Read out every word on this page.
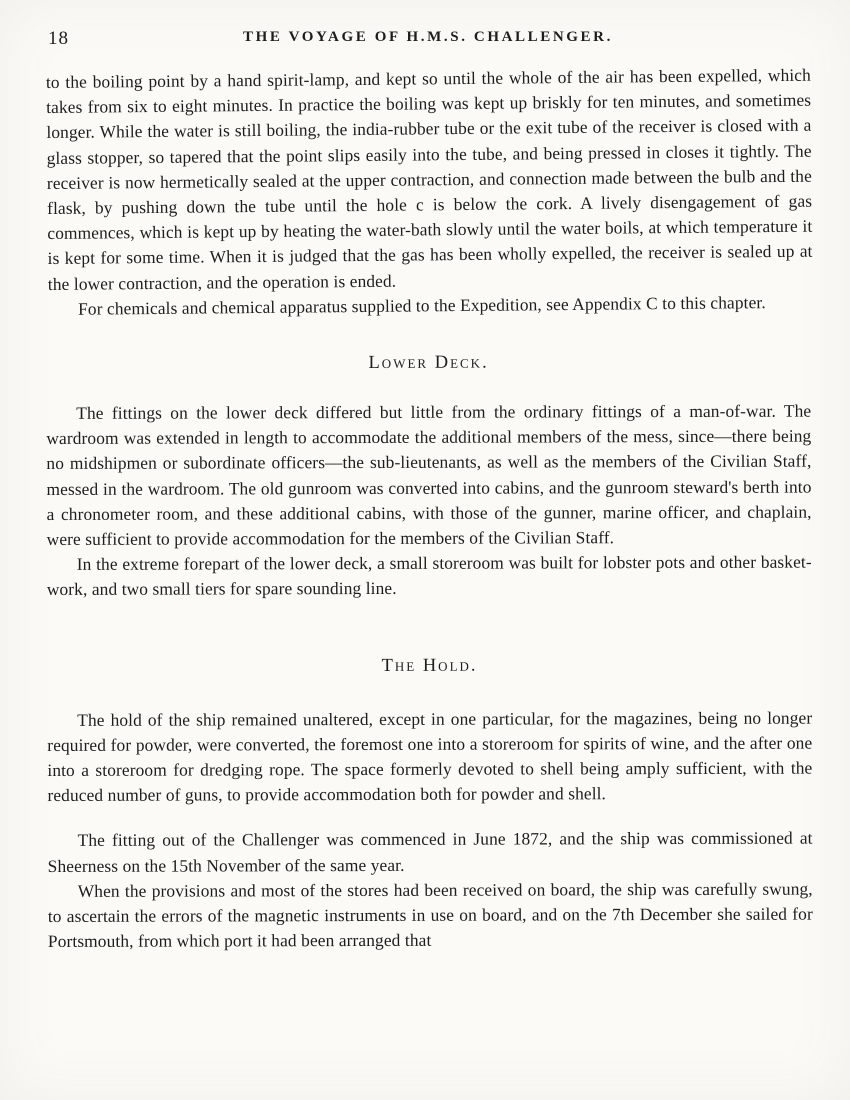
18	THE VOYAGE OF H.M.S. CHALLENGER.

to the boiling point by a hand spirit-lamp, and kept so until the whole of the air has been expelled, which takes from six to eight minutes. In practice the boiling was kept up briskly for ten minutes, and sometimes longer. While the water is still boiling, the india-rubber tube or the exit tube of the receiver is closed with a glass stopper, so tapered that the point slips easily into the tube, and being pressed in closes it tightly. The receiver is now hermetically sealed at the upper contraction, and connection made between the bulb and the flask, by pushing down the tube until the hole c is below the cork. A lively disengagement of gas commences, which is kept up by heating the water-bath slowly until the water boils, at which temperature it is kept for some time. When it is judged that the gas has been wholly expelled, the receiver is sealed up at the lower contraction, and the operation is ended.

For chemicals and chemical apparatus supplied to the Expedition, see Appendix C to this chapter.

Lower Deck.

The fittings on the lower deck differed but little from the ordinary fittings of a man-of-war. The wardroom was extended in length to accommodate the additional members of the mess, since—there being no midshipmen or subordinate officers—the sub-lieutenants, as well as the members of the Civilian Staff, messed in the wardroom. The old gunroom was converted into cabins, and the gunroom steward's berth into a chronometer room, and these additional cabins, with those of the gunner, marine officer, and chaplain, were sufficient to provide accommodation for the members of the Civilian Staff.

In the extreme forepart of the lower deck, a small storeroom was built for lobster pots and other basket-work, and two small tiers for spare sounding line.

The Hold.

The hold of the ship remained unaltered, except in one particular, for the magazines, being no longer required for powder, were converted, the foremost one into a storeroom for spirits of wine, and the after one into a storeroom for dredging rope. The space formerly devoted to shell being amply sufficient, with the reduced number of guns, to provide accommodation both for powder and shell.

The fitting out of the Challenger was commenced in June 1872, and the ship was commissioned at Sheerness on the 15th November of the same year.

When the provisions and most of the stores had been received on board, the ship was carefully swung, to ascertain the errors of the magnetic instruments in use on board, and on the 7th December she sailed for Portsmouth, from which port it had been arranged that
